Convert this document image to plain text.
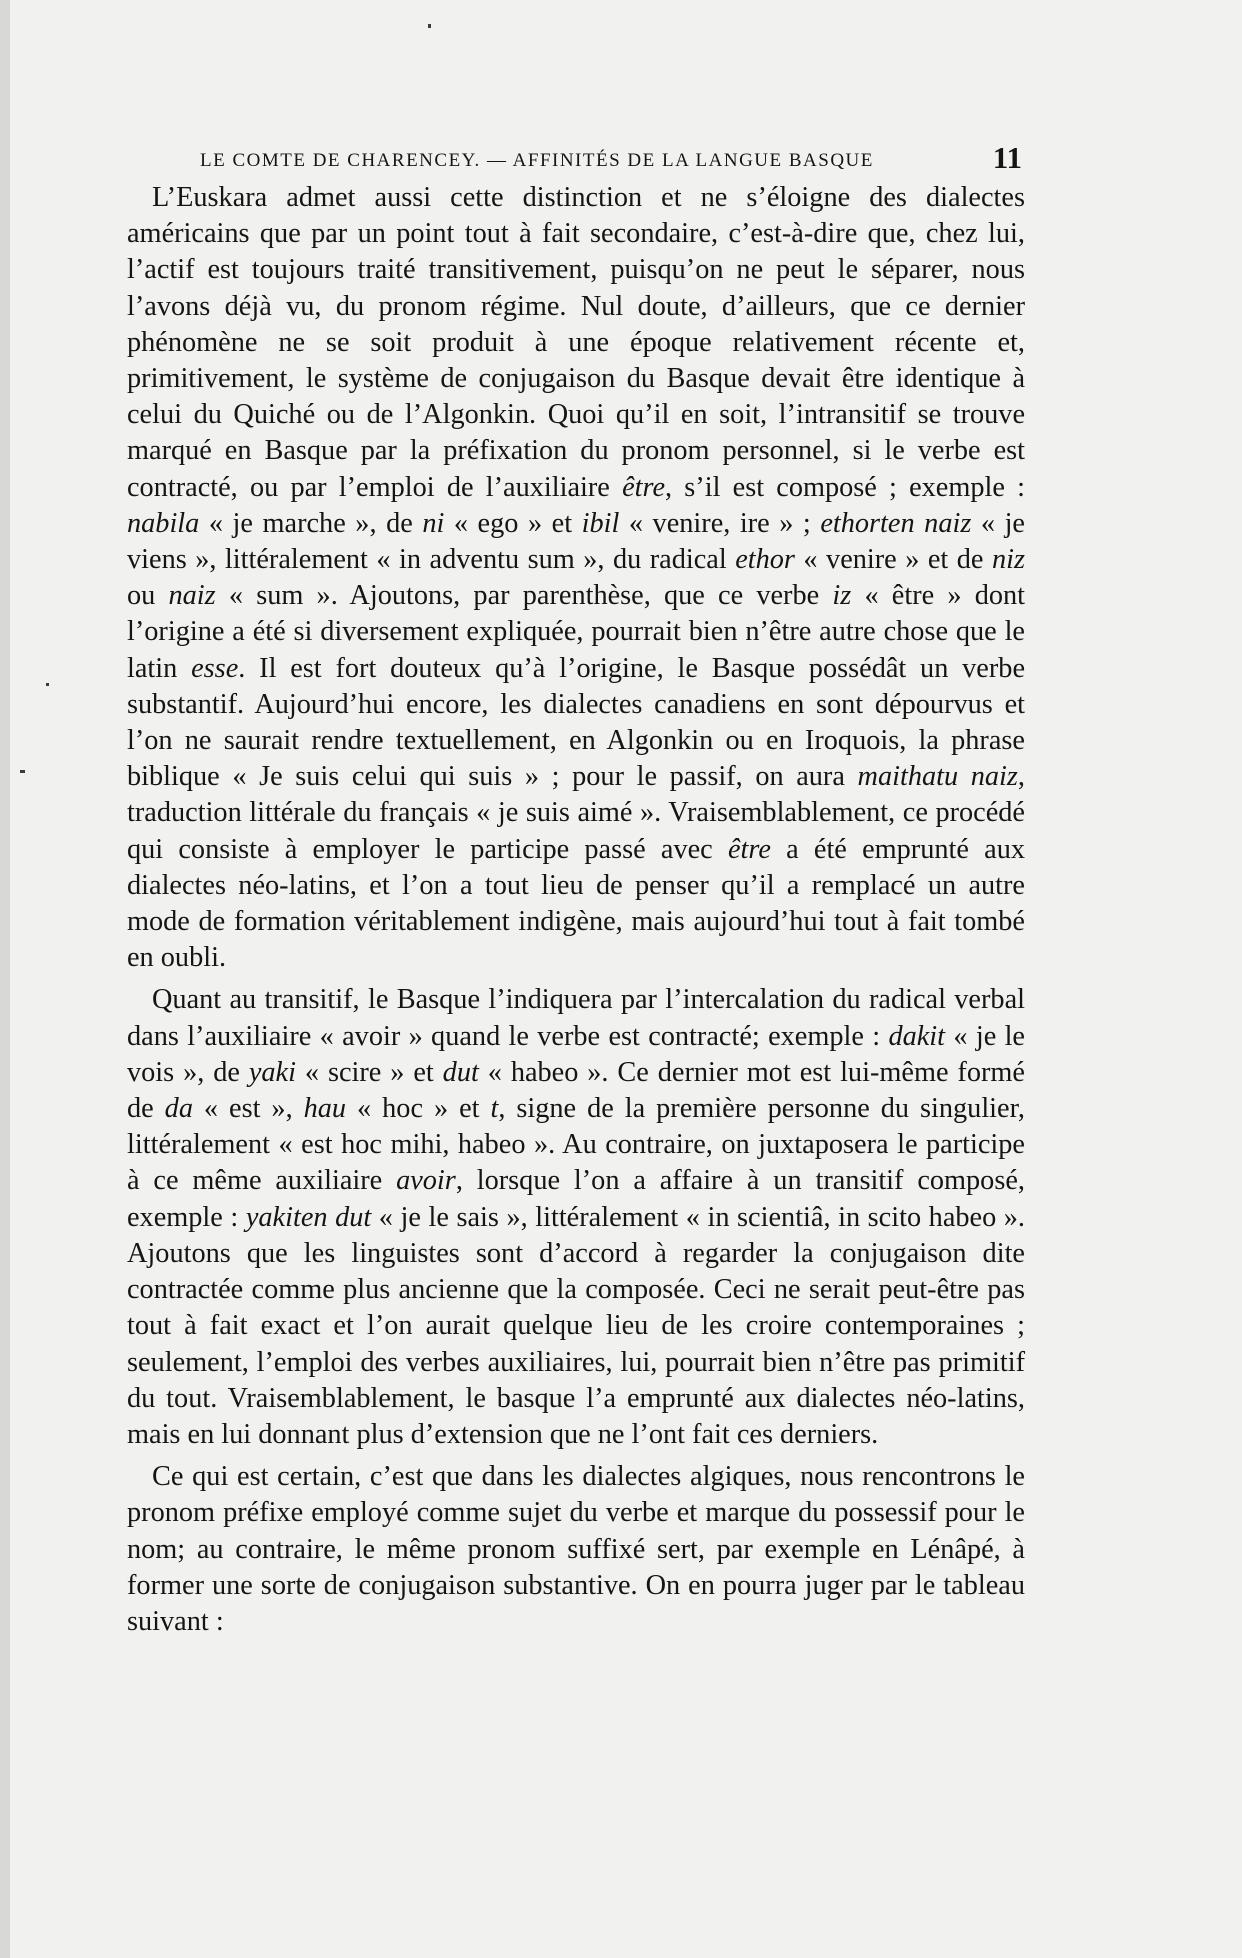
LE COMTE DE CHARENCEY. — AFFINITÉS DE LA LANGUE BASQUE	11

L’Euskara admet aussi cette distinction et ne s’éloigne des dialectes américains que par un point tout à fait secondaire, c’est-à-dire que, chez lui, l’actif est toujours traité transitivement, puisqu’on ne peut le séparer, nous l’avons déjà vu, du pronom régime. Nul doute, d’ailleurs, que ce dernier phénomène ne se soit produit à une époque relativement récente et, primitivement, le système de conjugaison du Basque devait être identique à celui du Quiché ou de l’Algonkin. Quoi qu’il en soit, l’intransitif se trouve marqué en Basque par la préfixation du pronom personnel, si le verbe est contracté, ou par l’emploi de l’auxiliaire être, s’il est composé ; exemple : nabila « je marche », de ni « ego » et ibil « venire, ire » ; ethorten naiz « je viens », littéralement « in adventu sum », du radical ethor « venire » et de niz ou naiz « sum ». Ajoutons, par parenthèse, que ce verbe iz « être » dont l’origine a été si diversement expliquée, pourrait bien n’être autre chose que le latin esse. Il est fort douteux qu’à l’origine, le Basque possédât un verbe substantif. Aujourd’hui encore, les dialectes canadiens en sont dépourvus et l’on ne saurait rendre textuellement, en Algonkin ou en Iroquois, la phrase biblique « Je suis celui qui suis » ; pour le passif, on aura maithatu naiz, traduction littérale du français « je suis aimé ». Vraisemblablement, ce procédé qui consiste à employer le participe passé avec être a été emprunté aux dialectes néo-latins, et l’on a tout lieu de penser qu’il a remplacé un autre mode de formation véritablement indigène, mais aujourd’hui tout à fait tombé en oubli.

Quant au transitif, le Basque l’indiquera par l’intercalation du radical verbal dans l’auxiliaire « avoir » quand le verbe est contracté; exemple : dakit « je le vois », de yaki « scire » et dut « habeo ». Ce dernier mot est lui-même formé de da « est », hau « hoc » et t, signe de la première personne du singulier, littéralement « est hoc mihi, habeo ». Au contraire, on juxtaposera le participe à ce même auxiliaire avoir, lorsque l’on a affaire à un transitif composé, exemple : yakiten dut « je le sais », littéralement « in scientiâ, in scito habeo ». Ajoutons que les linguistes sont d’accord à regarder la conjugaison dite contractée comme plus ancienne que la composée. Ceci ne serait peut-être pas tout à fait exact et l’on aurait quelque lieu de les croire contemporaines ; seulement, l’emploi des verbes auxiliaires, lui, pourrait bien n’être pas primitif du tout. Vraisemblablement, le basque l’a emprunté aux dialectes néo-latins, mais en lui donnant plus d’extension que ne l’ont fait ces derniers.

Ce qui est certain, c’est que dans les dialectes algiques, nous rencontrons le pronom préfixe employé comme sujet du verbe et marque du possessif pour le nom; au contraire, le même pronom suffixé sert, par exemple en Lénâpé, à former une sorte de conjugaison substantive. On en pourra juger par le tableau suivant :
